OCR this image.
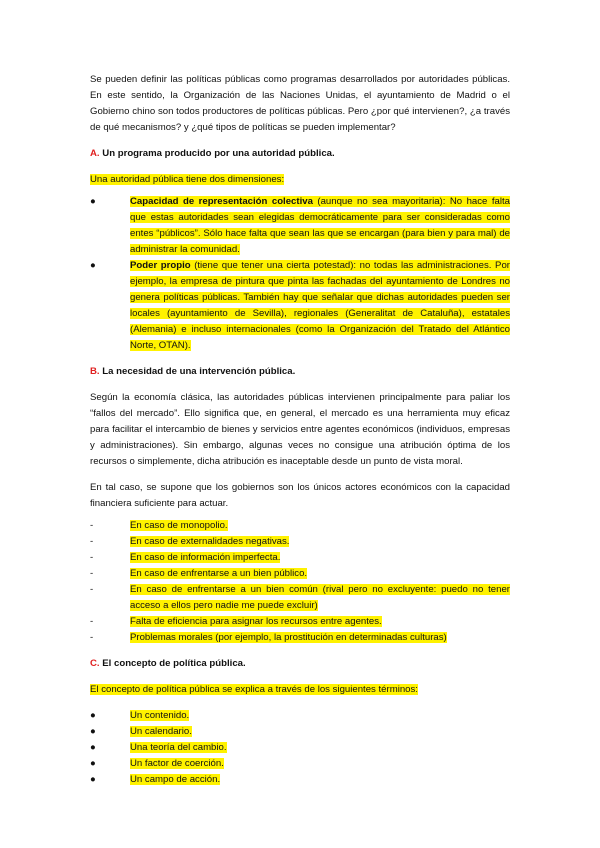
Se pueden definir las políticas públicas como programas desarrollados por autoridades públicas. En este sentido, la Organización de las Naciones Unidas, el ayuntamiento de Madrid o el Gobierno chino son todos productores de políticas públicas. Pero ¿por qué intervienen?, ¿a través de qué mecanismos? y ¿qué tipos de políticas se pueden implementar?

A. Un programa producido por una autoridad pública.

Una autoridad pública tiene dos dimensiones:

●	Capacidad de representación colectiva (aunque no sea mayoritaria): No hace falta que estas autoridades sean elegidas democráticamente para ser consideradas como entes “públicos”. Sólo hace falta que sean las que se encargan (para bien y para mal) de administrar la comunidad.
●	Poder propio (tiene que tener una cierta potestad): no todas las administraciones. Por ejemplo, la empresa de pintura que pinta las fachadas del ayuntamiento de Londres no genera políticas públicas. También hay que señalar que dichas autoridades pueden ser locales (ayuntamiento de Sevilla), regionales (Generalitat de Cataluña), estatales (Alemania) e incluso internacionales (como la Organización del Tratado del Atlántico Norte, OTAN).

B. La necesidad de una intervención pública.

Según la economía clásica, las autoridades públicas intervienen principalmente para paliar los “fallos del mercado”. Ello significa que, en general, el mercado es una herramienta muy eficaz para facilitar el intercambio de bienes y servicios entre agentes económicos (individuos, empresas y administraciones). Sin embargo, algunas veces no consigue una atribución óptima de los recursos o simplemente, dicha atribución es inaceptable desde un punto de vista moral.

En tal caso, se supone que los gobiernos son los únicos actores económicos con la capacidad financiera suficiente para actuar.

-	En caso de monopolio.
-	En caso de externalidades negativas.
-	En caso de información imperfecta.
-	En caso de enfrentarse a un bien público.
-	En caso de enfrentarse a un bien común (rival pero no excluyente: puedo no tener acceso a ellos pero nadie me puede excluir)
-	Falta de eficiencia para asignar los recursos entre agentes.
-	Problemas morales (por ejemplo, la prostitución en determinadas culturas)

C. El concepto de política pública.

El concepto de política pública se explica a través de los siguientes términos:

●	Un contenido.
●	Un calendario.
●	Una teoría del cambio.
●	Un factor de coerción.
●	Un campo de acción.
